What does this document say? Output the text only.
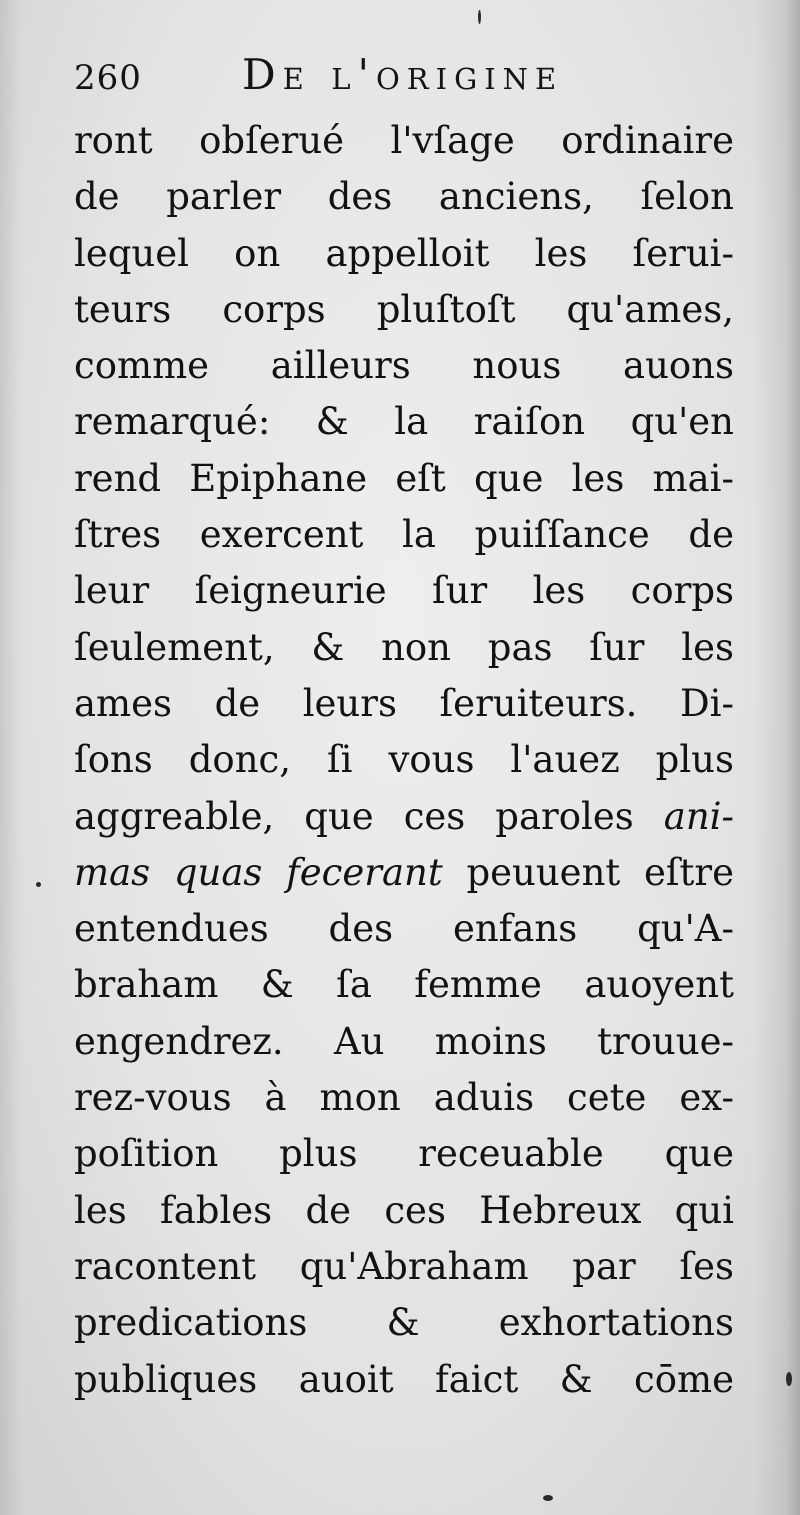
260 De l'origine
ront obſerué l'vſage ordinaire
de parler des anciens, ſelon
lequel on appelloit les ſerui-
teurs corps pluſtoſt qu'ames,
comme ailleurs nous auons
remarqué: & la raiſon qu'en
rend Epiphane eſt que les mai-
ſtres exercent la puiſſance de
leur ſeigneurie ſur les corps
ſeulement, & non pas ſur les
ames de leurs ſeruiteurs. Di-
ſons donc, ſi vous l'auez plus
aggreable, que ces paroles ani-
mas quas fecerant peuuent eſtre
entendues des enfans qu'A-
braham & ſa femme auoyent
engendrez. Au moins trouue-
rez-vous à mon aduis cete ex-
poſition plus receuable que
les fables de ces Hebreux qui
racontent qu'Abraham par ſes
predications & exhortations
publiques auoit faict & cōme
